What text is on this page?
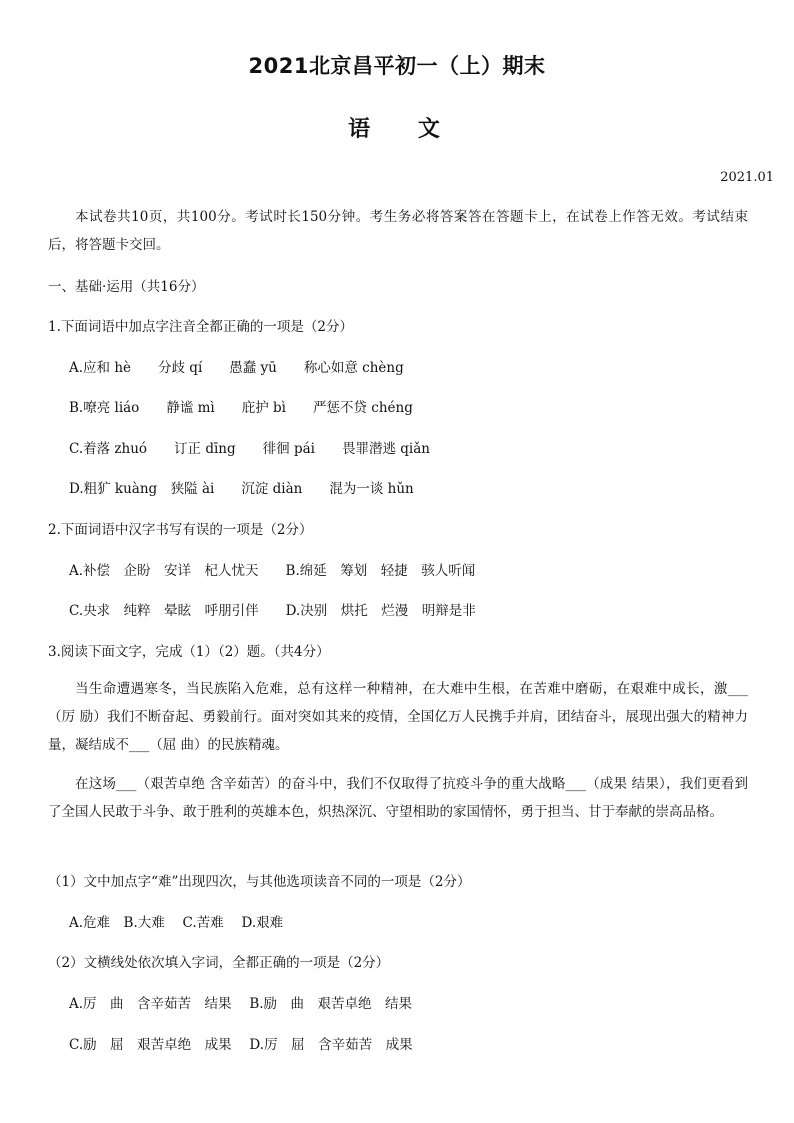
2021北京昌平初一（上）期末
语 文
2021.01
本试卷共10页，共100分。考试时长150分钟。考生务必将答案答在答题卡上，在试卷上作答无效。考试结束后，将答题卡交回。
一、基础·运用（共16分）
1.下面词语中加点字注音全都正确的一项是（2分）
A.应和 hè　　分歧 qí　　愚蠢 yū　　称心如意 chèng
B.嘹亮 liáo　　静谧 mì　　庇护 bì　　严惩不贷 chéng
C.着落 zhuó　　订正 dīng　　徘徊 pái　　畏罪潜逃 qiǎn
D.粗犷 kuàng　狭隘 ài　　沉淀 diàn　　混为一谈 hǔn
2.下面词语中汉字书写有误的一项是（2分）
A.补偿　企盼　安详　杞人忧天　　B.绵延　筹划　轻捷　骇人听闻
C.央求　纯粹　晕眩　呼朋引伴　　D.决别　烘托　烂漫　明辩是非
3.阅读下面文字，完成（1）（2）题。（共4分）
当生命遭遇寒冬，当民族陷入危难，总有这样一种精神，在大难中生根，在苦难中磨砺，在艰难中成长，激___（厉 励）我们不断奋起、勇毅前行。面对突如其来的疫情，全国亿万人民携手并肩，团结奋斗，展现出强大的精神力量，凝结成不___（屈 曲）的民族精魂。
在这场___（艰苦卓绝 含辛茹苦）的奋斗中，我们不仅取得了抗疫斗争的重大战略___（成果 结果），我们更看到了全国人民敢于斗争、敢于胜利的英雄本色，炽热深沉、守望相助的家国情怀，勇于担当、甘于奉献的崇高品格。
（1）文中加点字“难”出现四次，与其他选项读音不同的一项是（2分）
A.危难　B.大难　 C.苦难　 D.艰难
（2）文横线处依次填入字词，全都正确的一项是（2分）
A.厉　曲　含辛茹苦　结果　 B.励　曲　艰苦卓绝　结果
C.励　屈　艰苦卓绝　成果　 D.厉　屈　含辛茹苦　成果
